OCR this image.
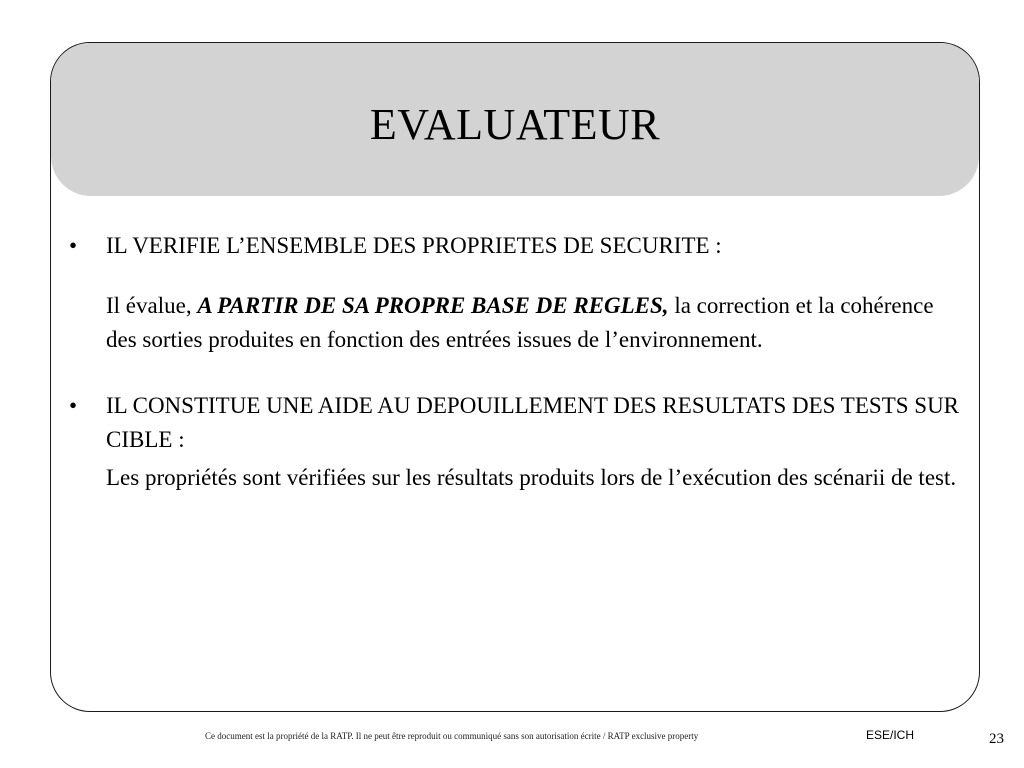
EVALUATEUR
• IL VERIFIE L’ENSEMBLE DES PROPRIETES DE SECURITE :
Il évalue, A PARTIR DE SA PROPRE BASE DE REGLES, la correction et la cohérence des sorties produites en fonction des entrées issues de l’environnement.
• IL CONSTITUE UNE AIDE AU DEPOUILLEMENT DES RESULTATS DES TESTS SUR CIBLE :
Les propriétés sont vérifiées sur les résultats produits lors de l’exécution des scénarii de test.
Ce document est la propriété de la RATP. Il ne peut être reproduit ou communiqué sans son autorisation écrite / RATP exclusive property	ESE/ICH	23
